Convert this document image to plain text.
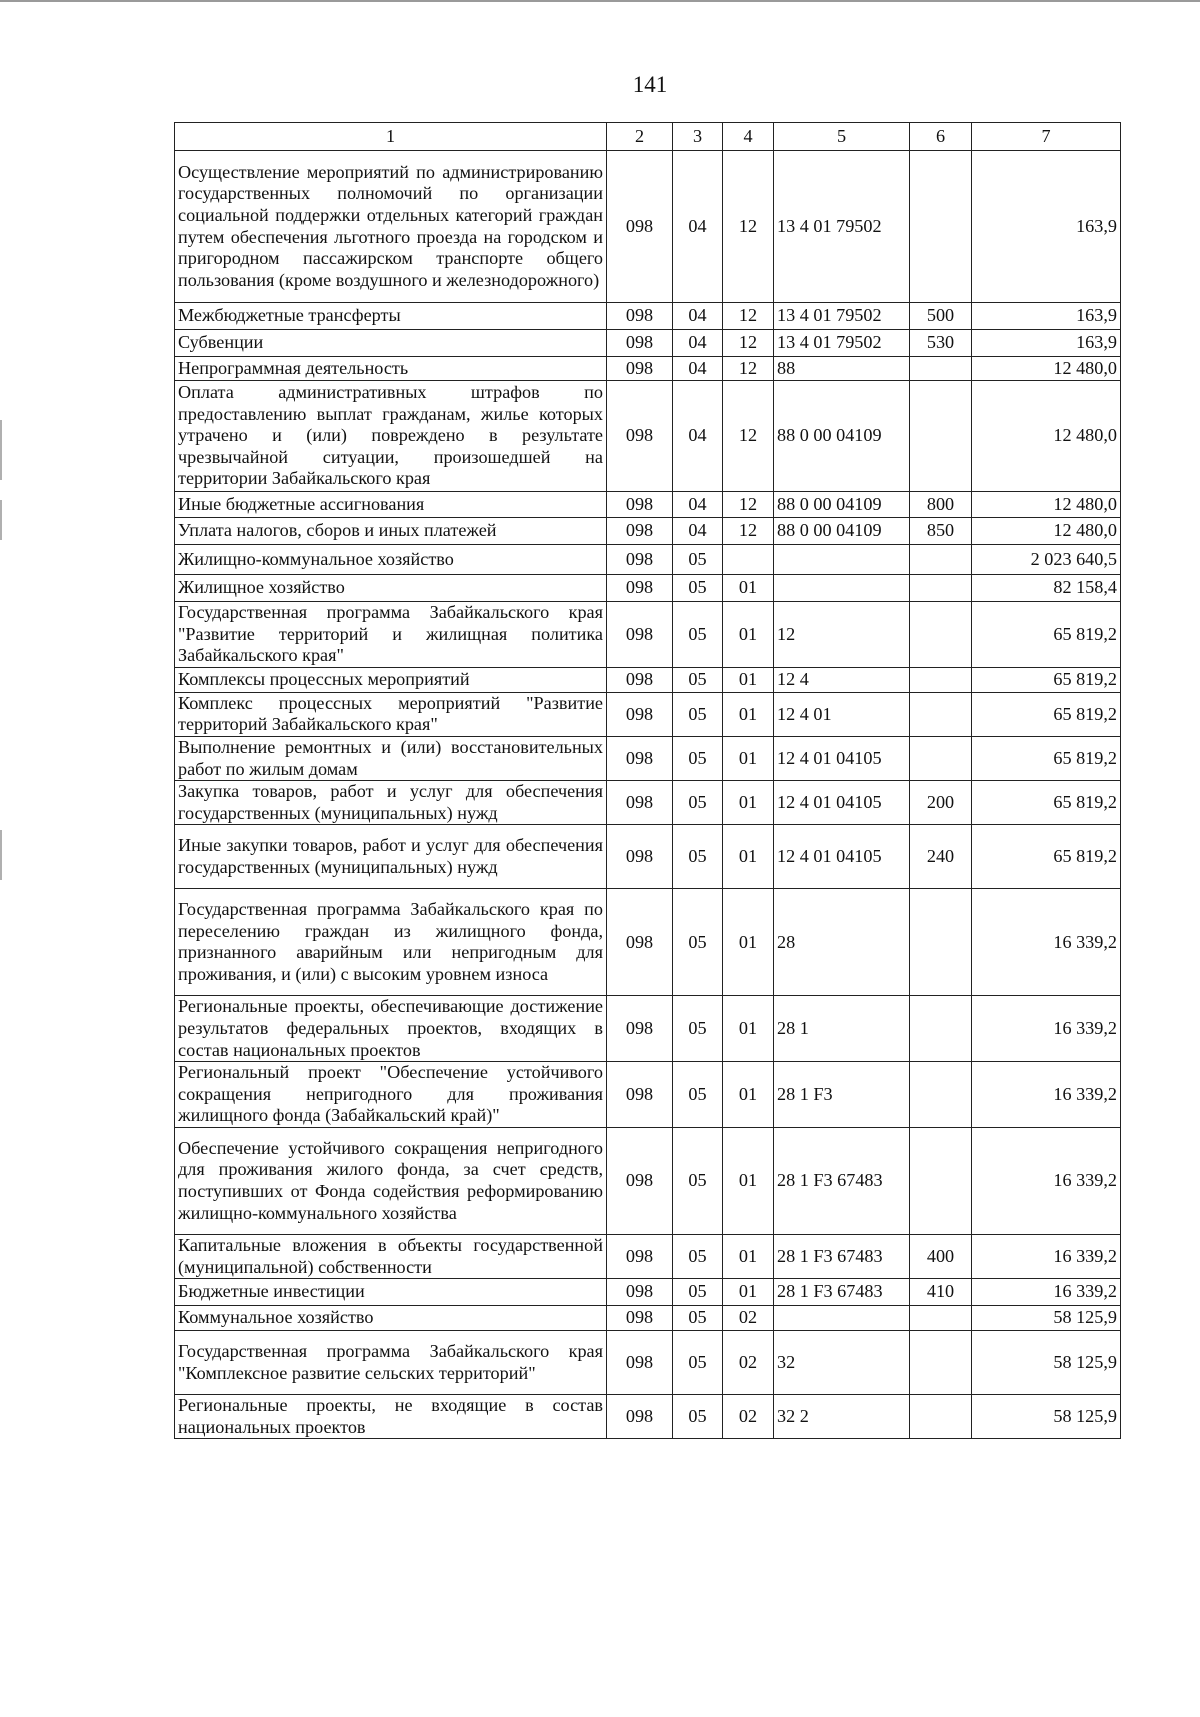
141
1	2	3	4	5	6	7
Осуществление мероприятий по администрированию государственных полномочий по организации социальной поддержки отдельных категорий граждан путем обеспечения льготного проезда на городском и пригородном пассажирском транспорте общего пользования (кроме воздушного и железнодорожного)	098	04	12	13 4 01 79502		163,9
Межбюджетные трансферты	098	04	12	13 4 01 79502	500	163,9
Субвенции	098	04	12	13 4 01 79502	530	163,9
Непрограммная деятельность	098	04	12	88		12 480,0
Оплата административных штрафов по предоставлению выплат гражданам, жилье которых утрачено и (или) повреждено в результате чрезвычайной ситуации, произошедшей на территории Забайкальского края	098	04	12	88 0 00 04109		12 480,0
Иные бюджетные ассигнования	098	04	12	88 0 00 04109	800	12 480,0
Уплата налогов, сборов и иных платежей	098	04	12	88 0 00 04109	850	12 480,0
Жилищно-коммунальное хозяйство	098	05				2 023 640,5
Жилищное хозяйство	098	05	01			82 158,4
Государственная программа Забайкальского края "Развитие территорий и жилищная политика Забайкальского края"	098	05	01	12		65 819,2
Комплексы процессных мероприятий	098	05	01	12 4		65 819,2
Комплекс процессных мероприятий "Развитие территорий Забайкальского края"	098	05	01	12 4 01		65 819,2
Выполнение ремонтных и (или) восстановительных работ по жилым домам	098	05	01	12 4 01 04105		65 819,2
Закупка товаров, работ и услуг для обеспечения государственных (муниципальных) нужд	098	05	01	12 4 01 04105	200	65 819,2
Иные закупки товаров, работ и услуг для обеспечения государственных (муниципальных) нужд	098	05	01	12 4 01 04105	240	65 819,2
Государственная программа Забайкальского края по переселению граждан из жилищного фонда, признанного аварийным или непригодным для проживания, и (или) с высоким уровнем износа	098	05	01	28		16 339,2
Региональные проекты, обеспечивающие достижение результатов федеральных проектов, входящих в состав национальных проектов	098	05	01	28 1		16 339,2
Региональный проект "Обеспечение устойчивого сокращения непригодного для проживания жилищного фонда (Забайкальский край)"	098	05	01	28 1 F3		16 339,2
Обеспечение устойчивого сокращения непригодного для проживания жилого фонда, за счет средств, поступивших от Фонда содействия реформированию жилищно-коммунального хозяйства	098	05	01	28 1 F3 67483		16 339,2
Капитальные вложения в объекты государственной (муниципальной) собственности	098	05	01	28 1 F3 67483	400	16 339,2
Бюджетные инвестиции	098	05	01	28 1 F3 67483	410	16 339,2
Коммунальное хозяйство	098	05	02			58 125,9
Государственная программа Забайкальского края "Комплексное развитие сельских территорий"	098	05	02	32		58 125,9
Региональные проекты, не входящие в состав национальных проектов	098	05	02	32 2		58 125,9
